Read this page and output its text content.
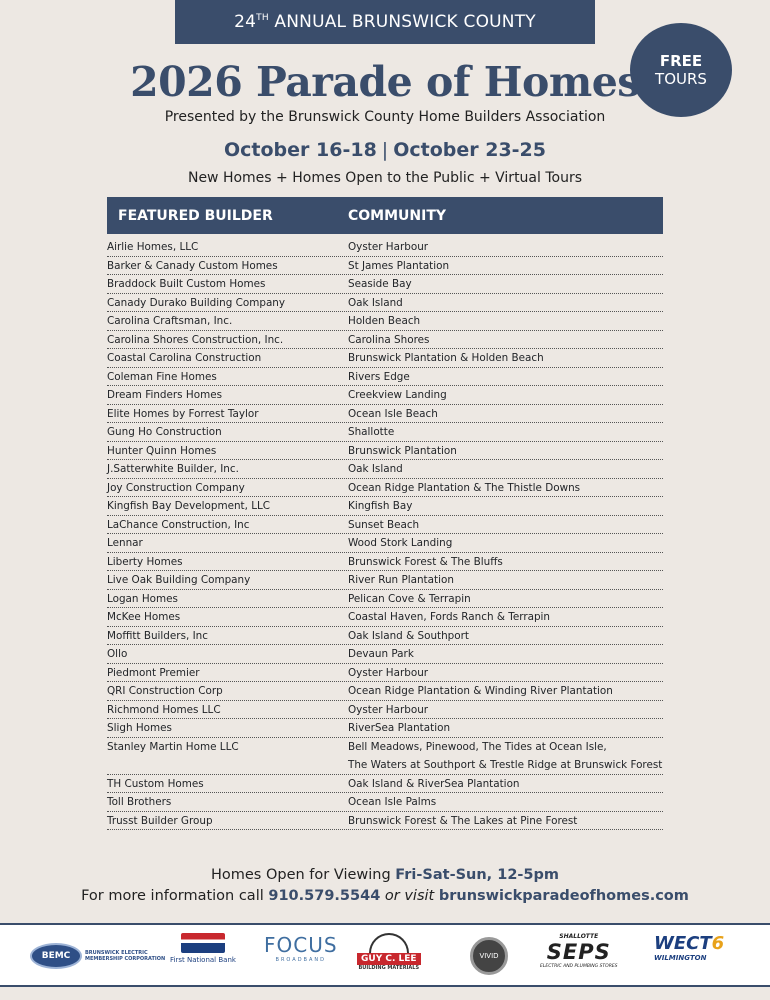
24TH
ANNUAL BRUNSWICK COUNTY
FREE
TOURS
2026 Parade of Homes
Presented by the Brunswick County Home Builders Association
October 16-18 | October 23-25
New Homes + Homes Open to the Public + Virtual Tours
FEATURED BUILDER	COMMUNITY
Airlie Homes, LLC	Oyster Harbour
Barker & Canady Custom Homes	St James Plantation
Braddock Built Custom Homes	Seaside Bay
Canady Durako Building Company	Oak Island
Carolina Craftsman, Inc.	Holden Beach
Carolina Shores Construction, Inc.	Carolina Shores
Coastal Carolina Construction	Brunswick Plantation & Holden Beach
Coleman Fine Homes	Rivers Edge
Dream Finders Homes	Creekview Landing
Elite Homes by Forrest Taylor	Ocean Isle Beach
Gung Ho Construction	Shallotte
Hunter Quinn Homes	Brunswick Plantation
J.Satterwhite Builder, Inc.	Oak Island
Joy Construction Company	Ocean Ridge Plantation & The Thistle Downs
Kingfish Bay Development, LLC	Kingfish Bay
LaChance Construction, Inc	Sunset Beach
Lennar	Wood Stork Landing
Liberty Homes	Brunswick Forest & The Bluffs
Live Oak Building Company	River Run Plantation
Logan Homes	Pelican Cove & Terrapin
McKee Homes	Coastal Haven, Fords Ranch & Terrapin
Moffitt Builders, Inc	Oak Island & Southport
Ollo	Devaun Park
Piedmont Premier	Oyster Harbour
QRI Construction Corp	Ocean Ridge Plantation & Winding River Plantation
Richmond Homes LLC	Oyster Harbour
Sligh Homes	RiverSea Plantation
Stanley Martin Home LLC	Bell Meadows, Pinewood, The Tides at Ocean Isle,
The Waters at Southport & Trestle Ridge at Brunswick Forest
TH Custom Homes	Oak Island & RiverSea Plantation
Toll Brothers	Ocean Isle Palms
Trusst Builder Group	Brunswick Forest & The Lakes at Pine Forest
Homes Open for Viewing Fri-Sat-Sun, 12-5pm
For more information call 910.579.5544 or visit brunswickparadeofhomes.com
BEMC	BRUNSWICK ELECTRIC
MEMBERSHIP CORPORATION First National Bank
FOCUS
BROADBAND	GUY C. LEE
BUILDING MATERIALS
VIVID
SHALLOTTE
SEPS
ELECTRIC AND PLUMBING STORES
WECT6
WILMINGTON
